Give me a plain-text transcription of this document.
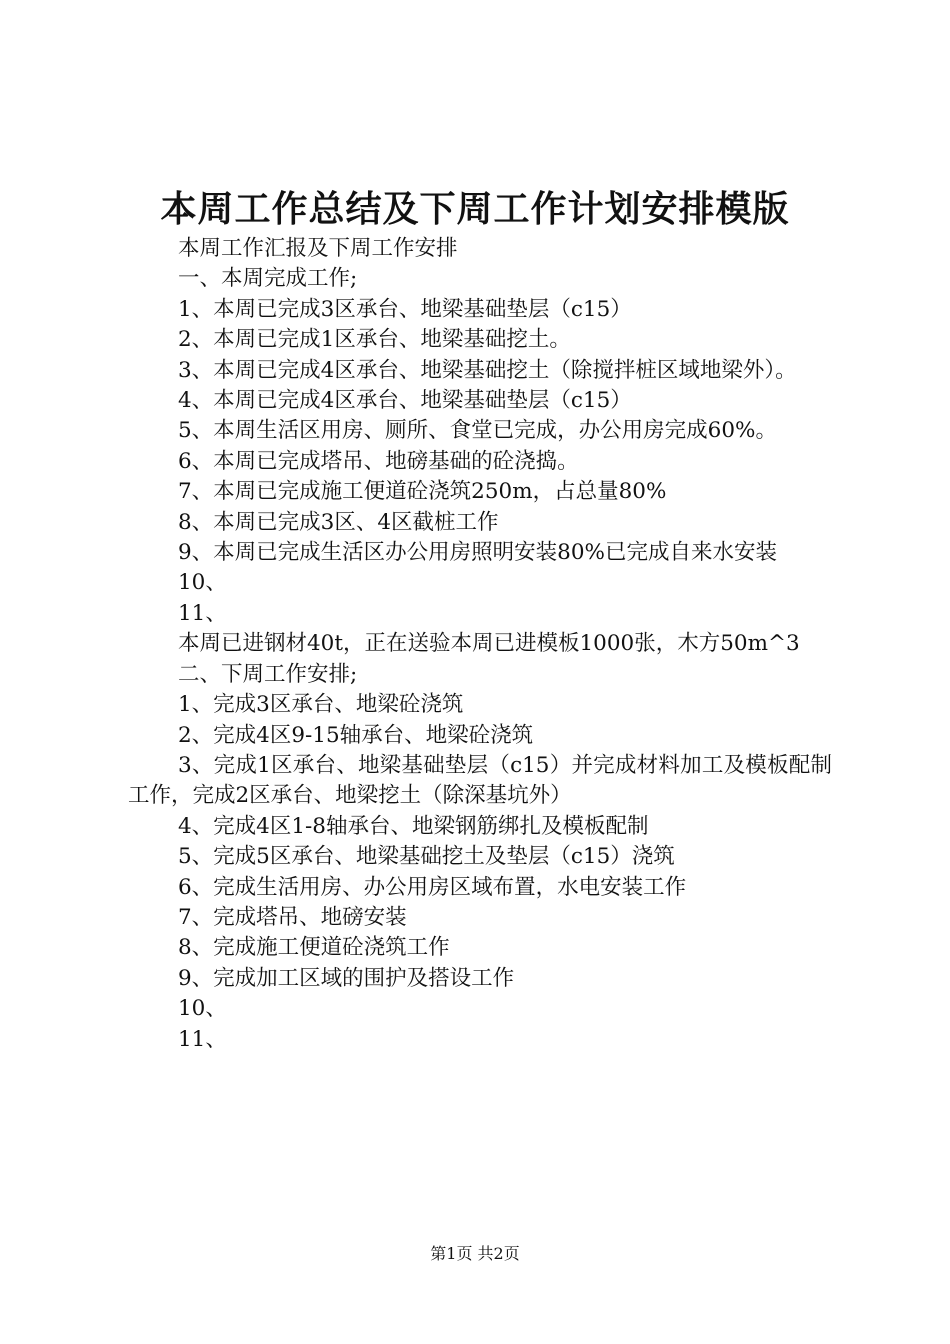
本周工作总结及下周工作计划安排模版

本周工作汇报及下周工作安排

一、本周完成工作;

1、本周已完成3区承台、地梁基础垫层（c15）

2、本周已完成1区承台、地梁基础挖土。

3、本周已完成4区承台、地梁基础挖土（除搅拌桩区域地梁外）。

4、本周已完成4区承台、地梁基础垫层（c15）

5、本周生活区用房、厕所、食堂已完成，办公用房完成60%。

6、本周已完成塔吊、地磅基础的砼浇捣。

7、本周已完成施工便道砼浇筑250m，占总量80%

8、本周已完成3区、4区截桩工作

9、本周已完成生活区办公用房照明安装80%已完成自来水安装

10、

11、

本周已进钢材40t，正在送验本周已进模板1000张，木方50m^3

二、下周工作安排;

1、完成3区承台、地梁砼浇筑

2、完成4区9-15轴承台、地梁砼浇筑

3、完成1区承台、地梁基础垫层（c15）并完成材料加工及模板配制工作，完成2区承台、地梁挖土（除深基坑外）

4、完成4区1-8轴承台、地梁钢筋绑扎及模板配制

5、完成5区承台、地梁基础挖土及垫层（c15）浇筑

6、完成生活用房、办公用房区域布置，水电安装工作

7、完成塔吊、地磅安装

8、完成施工便道砼浇筑工作

9、完成加工区域的围护及搭设工作

10、

11、

第1页 共2页
